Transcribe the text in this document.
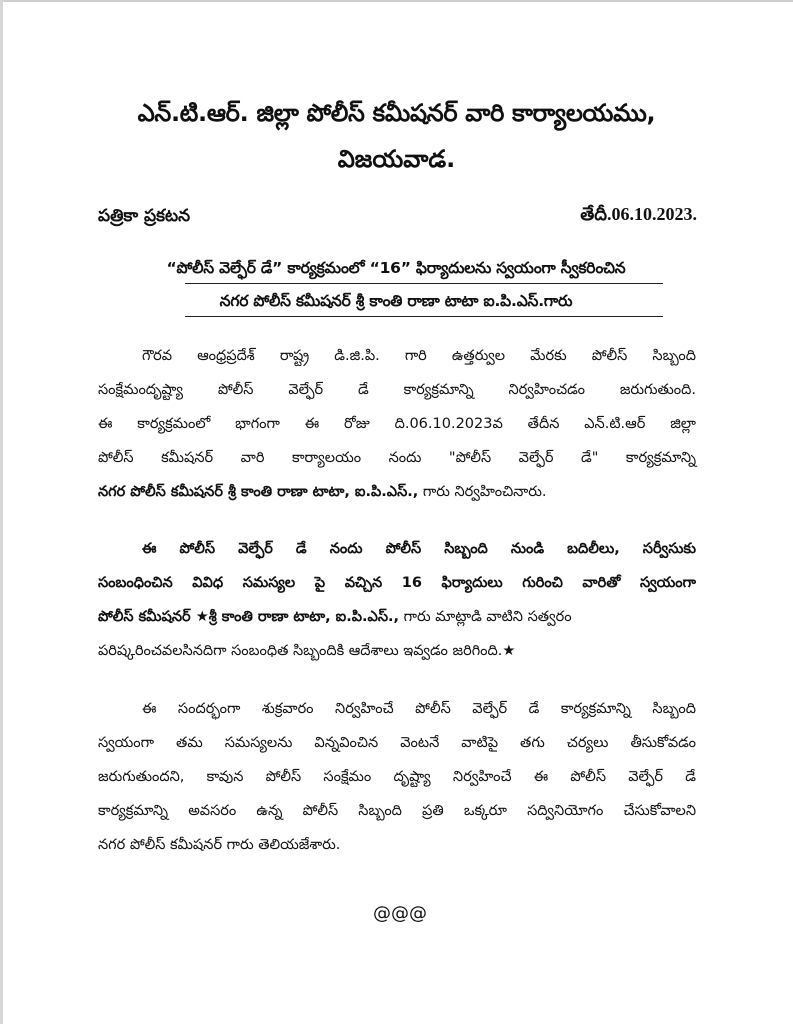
ఎన్.టి.ఆర్. జిల్లా పోలీస్ కమీషనర్ వారి కార్యాలయము,
విజయవాడ.
పత్రికా ప్రకటన	తేదీ.06.10.2023.
“పోలీస్ వెల్ఫేర్ డే” కార్యక్రమంలో “16” ఫిర్యాదులను స్వయంగా స్వీకరించిన
నగర పోలీస్ కమీషనర్ శ్రీ కాంతి రాణా టాటా ఐ.పి.ఎస్.గారు
గౌరవ ఆంధ్రప్రదేశ్ రాష్ట్ర డి.జి.పి. గారి ఉత్తర్వుల మేరకు పోలీస్ సిబ్బంది
సంక్షేమందృష్ట్యా పోలీస్ వెల్ఫేర్ డే కార్యక్రమాన్ని నిర్వహించడం జరుగుతుంది.
ఈ కార్యక్రమంలో భాగంగా ఈ రోజు ది.06.10.2023వ తేదీన ఎన్.టి.ఆర్ జిల్లా
పోలీస్ కమీషనర్ వారి కార్యాలయం నందు "పోలీస్ వెల్ఫేర్ డే" కార్యక్రమాన్ని
నగర పోలీస్ కమీషనర్ శ్రీ కాంతి రాణా టాటా, ఐ.పి.ఎస్., గారు నిర్వహించినారు.
ఈ పోలీస్ వెల్ఫేర్ డే నందు పోలీస్ సిబ్బంది నుండి బదిలీలు, సర్వీసుకు
సంబంధించిన వివిధ సమస్యల పై వచ్చిన 16 ఫిర్యాదులు గురించి వారితో స్వయంగా
పోలీస్ కమీషనర్ ★శ్రీ కాంతి రాణా టాటా, ఐ.పి.ఎస్., గారు మాట్లాడి వాటిని సత్వరం
పరిష్కరించవలసినదిగా సంబంధిత సిబ్బందికి ఆదేశాలు ఇవ్వడం జరిగింది.★
ఈ సందర్భంగా శుక్రవారం నిర్వహించే పోలీస్ వెల్ఫేర్ డే కార్యక్రమాన్ని సిబ్బంది
స్వయంగా తమ సమస్యలను విన్నవించిన వెంటనే వాటిపై తగు చర్యలు తీసుకోవడం
జరుగుతుందని, కావున పోలీస్ సంక్షేమం దృష్ట్యా నిర్వహించే ఈ పోలీస్ వెల్ఫేర్ డే
కార్యక్రమాన్ని అవసరం ఉన్న పోలీస్ సిబ్బంది ప్రతి ఒక్కరూ సద్వినియోగం చేసుకోవాలని
నగర పోలీస్ కమీషనర్ గారు తెలియజేశారు.
@@@
